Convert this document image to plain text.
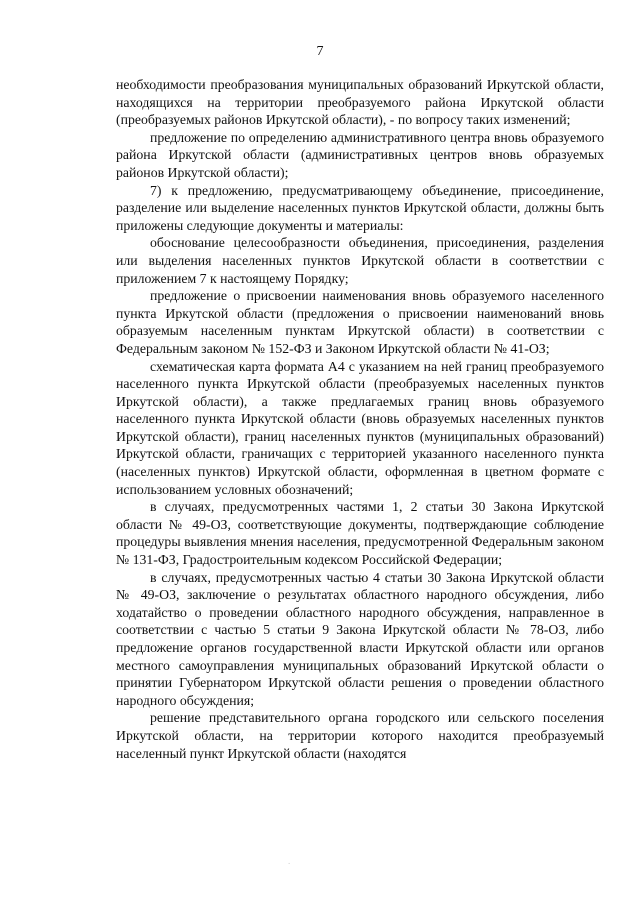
7

необходимости преобразования муниципальных образований Иркутской области, находящихся на территории преобразуемого района Иркутской области (преобразуемых районов Иркутской области), - по вопросу таких изменений;

предложение по определению административного центра вновь образуемого района Иркутской области (административных центров вновь образуемых районов Иркутской области);

7) к предложению, предусматривающему объединение, присоединение, разделение или выделение населенных пунктов Иркутской области, должны быть приложены следующие документы и материалы:

обоснование целесообразности объединения, присоединения, разделения или выделения населенных пунктов Иркутской области в соответствии с приложением 7 к настоящему Порядку;

предложение о присвоении наименования вновь образуемого населенного пункта Иркутской области (предложения о присвоении наименований вновь образуемым населенным пунктам Иркутской области) в соответствии с Федеральным законом № 152-ФЗ и Законом Иркутской области № 41-ОЗ;

схематическая карта формата А4 с указанием на ней границ преобразуемого населенного пункта Иркутской области (преобразуемых населенных пунктов Иркутской области), а также предлагаемых границ вновь образуемого населенного пункта Иркутской области (вновь образуемых населенных пунктов Иркутской области), границ населенных пунктов (муниципальных образований) Иркутской области, граничащих с территорией указанного населенного пункта (населенных пунктов) Иркутской области, оформленная в цветном формате с использованием условных обозначений;

в случаях, предусмотренных частями 1, 2 статьи 30 Закона Иркутской области № 49-ОЗ, соответствующие документы, подтверждающие соблюдение процедуры выявления мнения населения, предусмотренной Федеральным законом № 131-ФЗ, Градостроительным кодексом Российской Федерации;

в случаях, предусмотренных частью 4 статьи 30 Закона Иркутской области № 49-ОЗ, заключение о результатах областного народного обсуждения, либо ходатайство о проведении областного народного обсуждения, направленное в соответствии с частью 5 статьи 9 Закона Иркутской области № 78-ОЗ, либо предложение органов государственной власти Иркутской области или органов местного самоуправления муниципальных образований Иркутской области о принятии Губернатором Иркутской области решения о проведении областного народного обсуждения;

решение представительного органа городского или сельского поселения Иркутской области, на территории которого находится преобразуемый населенный пункт Иркутской области (находятся

.
